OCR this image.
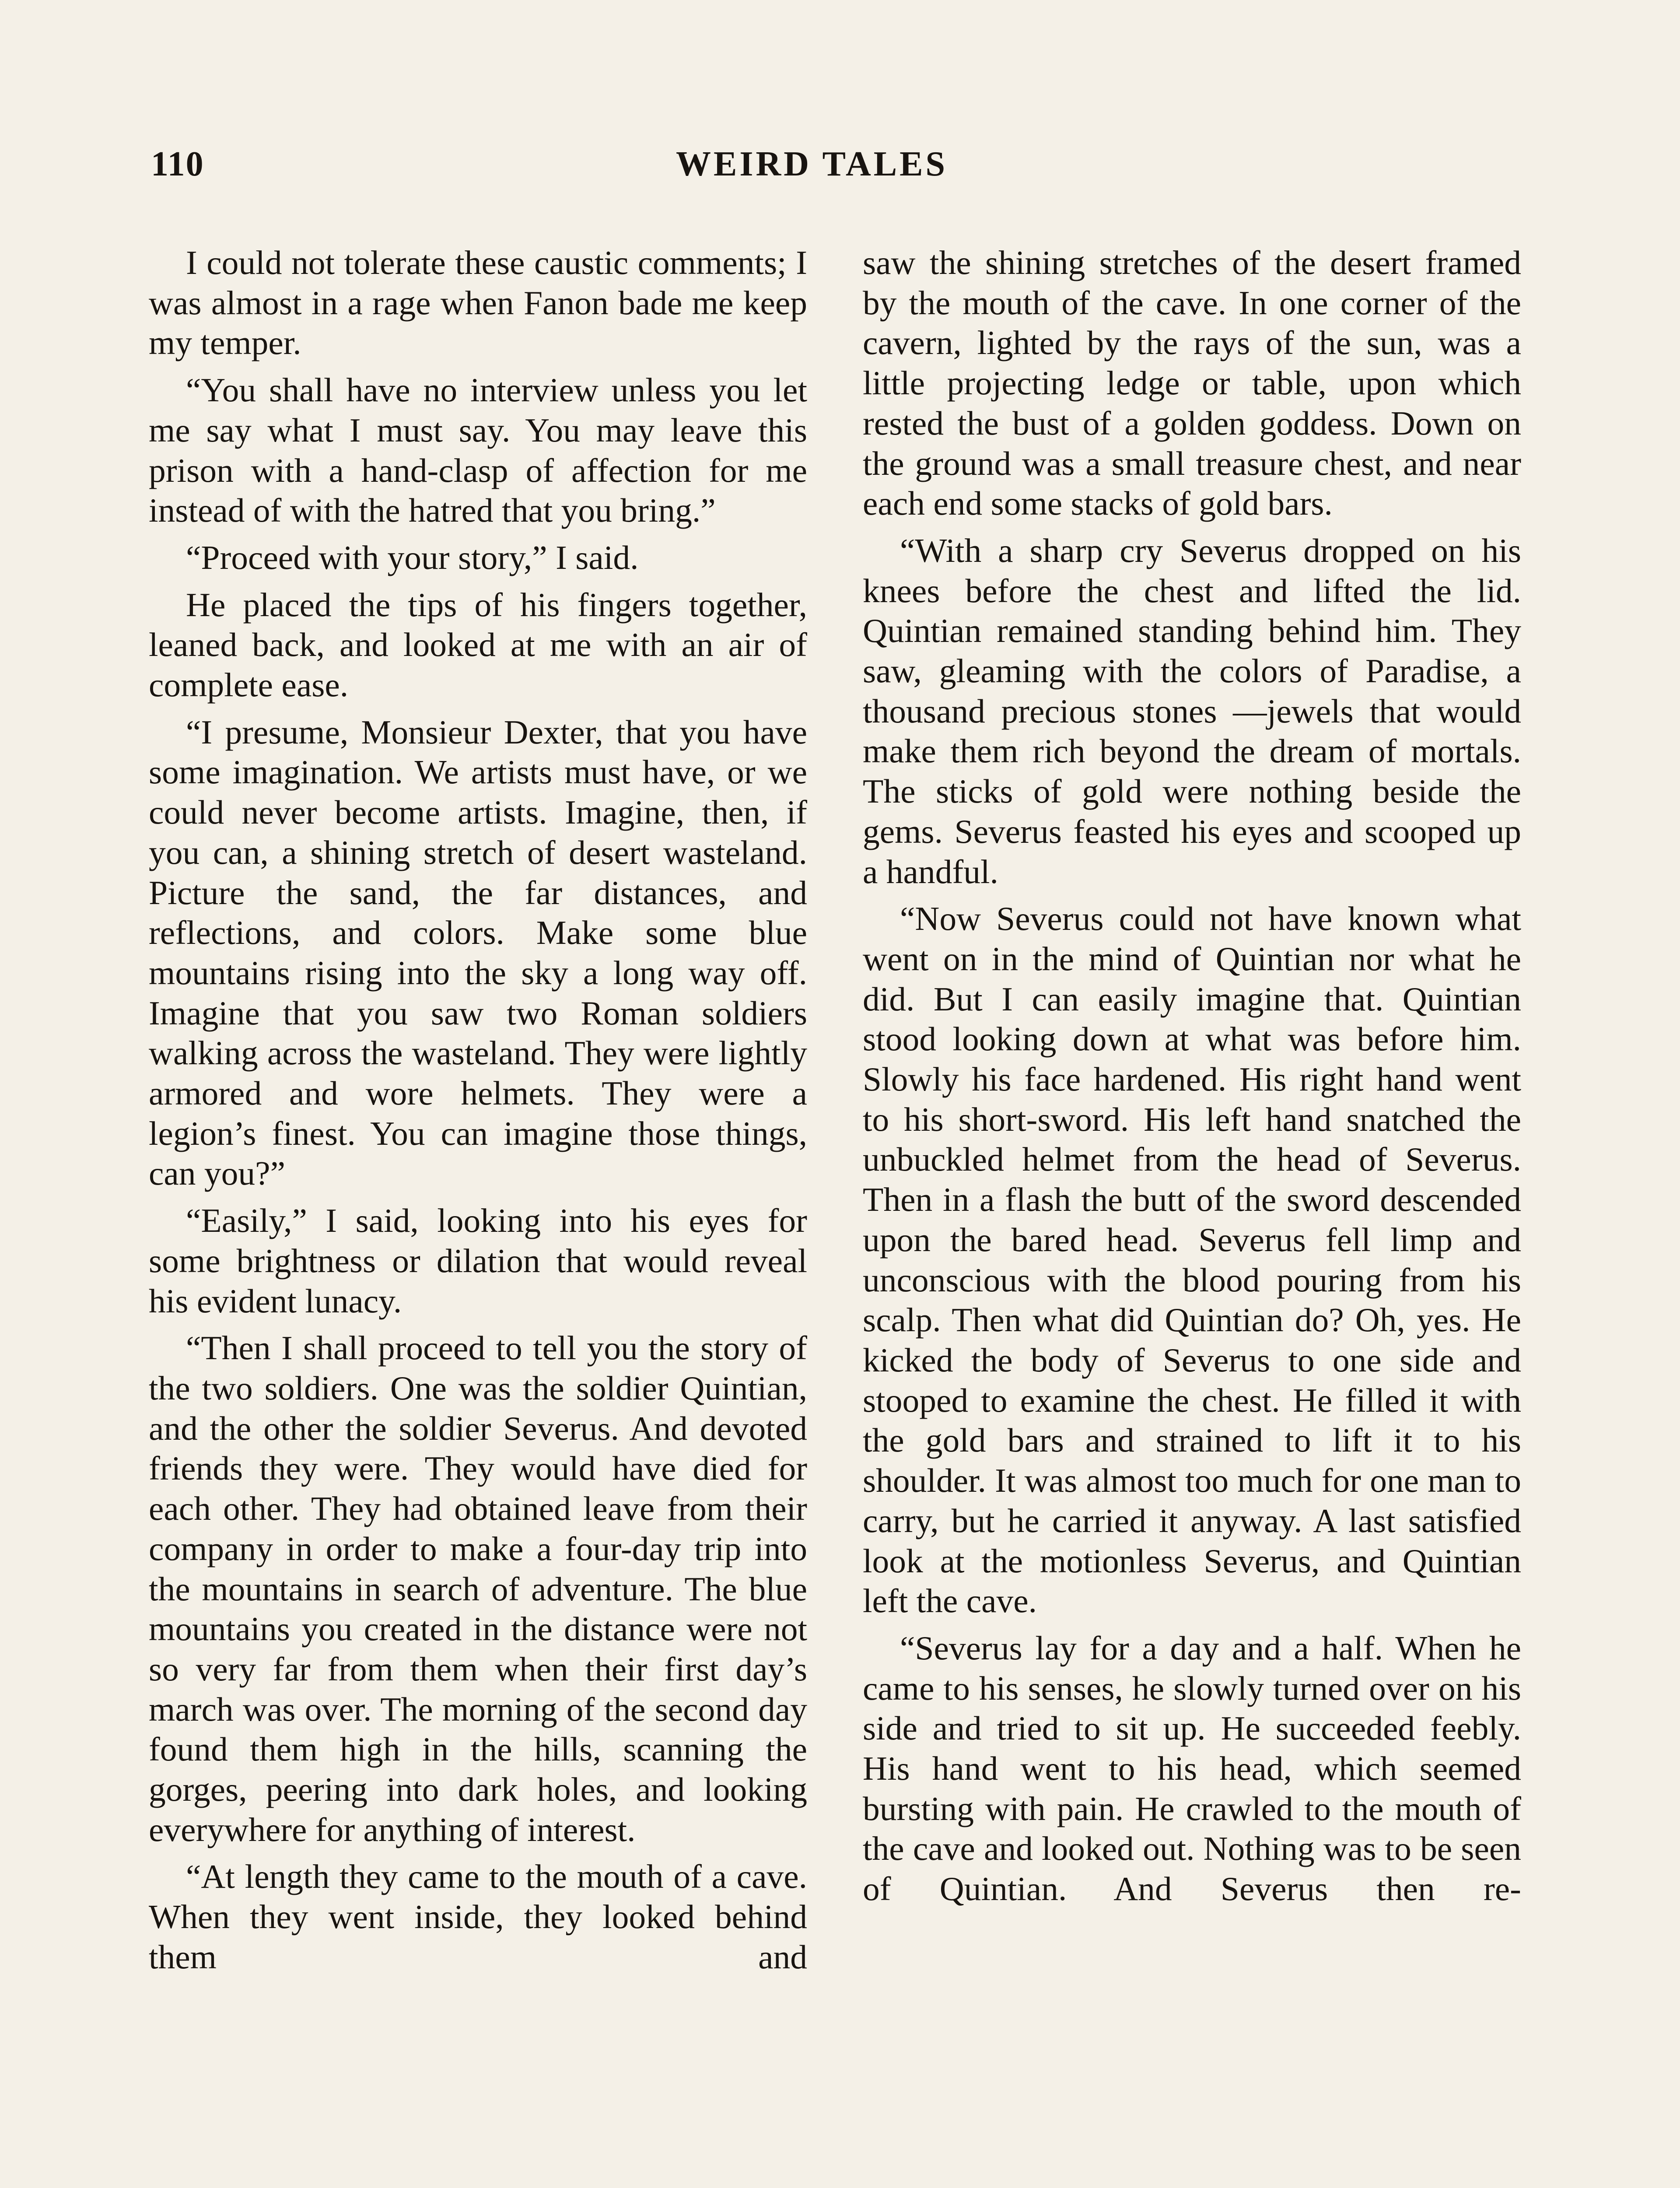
110	WEIRD TALES

I could not tolerate these caustic comments; I was almost in a rage when Fanon bade me keep my temper.

“You shall have no interview unless you let me say what I must say. You may leave this prison with a hand-clasp of affection for me instead of with the hatred that you bring.”

“Proceed with your story,” I said.

He placed the tips of his fingers together, leaned back, and looked at me with an air of complete ease.

“I presume, Monsieur Dexter, that you have some imagination. We artists must have, or we could never become artists. Imagine, then, if you can, a shining stretch of desert wasteland. Picture the sand, the far distances, and reflections, and colors. Make some blue mountains rising into the sky a long way off. Imagine that you saw two Roman soldiers walking across the wasteland. They were lightly armored and wore helmets. They were a legion’s finest. You can imagine those things, can you?”

“Easily,” I said, looking into his eyes for some brightness or dilation that would reveal his evident lunacy.

“Then I shall proceed to tell you the story of the two soldiers. One was the soldier Quintian, and the other the soldier Severus. And devoted friends they were. They would have died for each other. They had obtained leave from their company in order to make a four-day trip into the mountains in search of adventure. The blue mountains you created in the distance were not so very far from them when their first day’s march was over. The morning of the second day found them high in the hills, scanning the gorges, peering into dark holes, and looking everywhere for anything of interest.

“At length they came to the mouth of a cave. When they went inside, they looked behind them and

saw the shining stretches of the desert framed by the mouth of the cave. In one corner of the cavern, lighted by the rays of the sun, was a little projecting ledge or table, upon which rested the bust of a golden goddess. Down on the ground was a small treasure chest, and near each end some stacks of gold bars.

“With a sharp cry Severus dropped on his knees before the chest and lifted the lid. Quintian remained standing behind him. They saw, gleaming with the colors of Paradise, a thousand precious stones —jewels that would make them rich beyond the dream of mortals. The sticks of gold were nothing beside the gems. Severus feasted his eyes and scooped up a handful.

“Now Severus could not have known what went on in the mind of Quintian nor what he did. But I can easily imagine that. Quintian stood looking down at what was before him. Slowly his face hardened. His right hand went to his short-sword. His left hand snatched the unbuckled helmet from the head of Severus. Then in a flash the butt of the sword descended upon the bared head. Severus fell limp and unconscious with the blood pouring from his scalp. Then what did Quintian do? Oh, yes. He kicked the body of Severus to one side and stooped to examine the chest. He filled it with the gold bars and strained to lift it to his shoulder. It was almost too much for one man to carry, but he carried it anyway. A last satisfied look at the motionless Severus, and Quintian left the cave.

“Severus lay for a day and a half. When he came to his senses, he slowly turned over on his side and tried to sit up. He succeeded feebly. His hand went to his head, which seemed bursting with pain. He crawled to the mouth of the cave and looked out. Nothing was to be seen of Quintian. And Severus then re-
